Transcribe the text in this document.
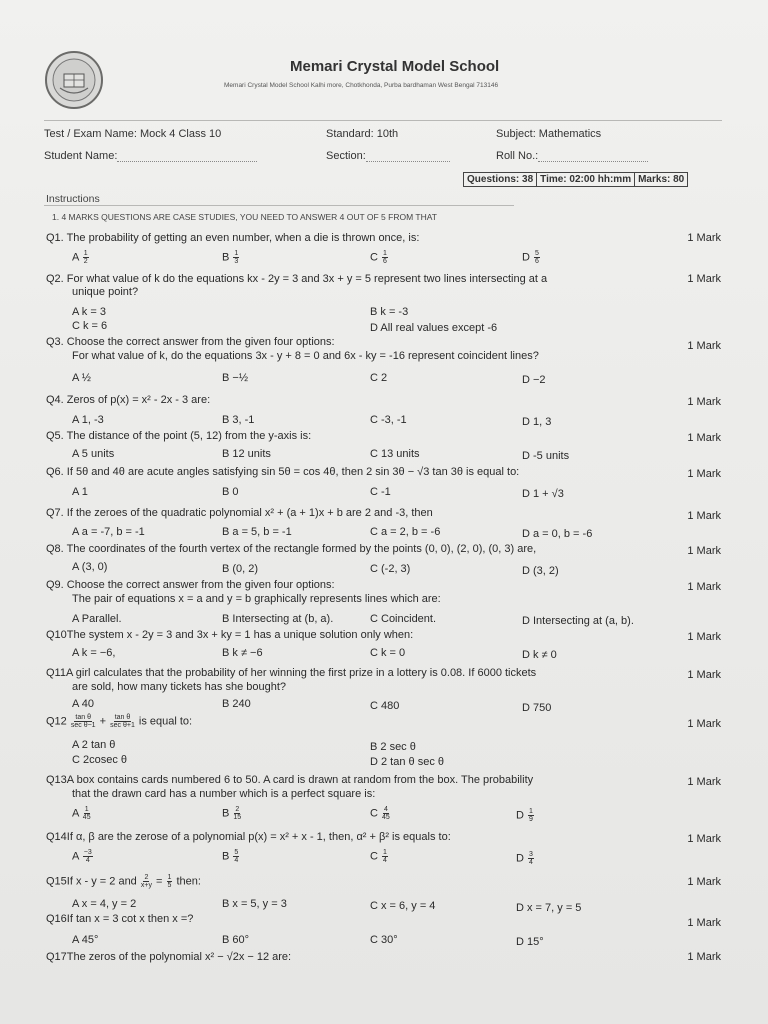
Memari Crystal Model School
Memari Crystal Model School Kalhi more, Chotkhonda, Purba bardhaman West Bengal 713146
Test / Exam Name: Mock 4 Class 10	Standard: 10th	Subject: Mathematics
Student Name:	Section:	Roll No.:
Questions: 38 Time: 02:00 hh:mm Marks: 80
Instructions
1. 4 MARKS QUESTIONS ARE CASE STUDIES, YOU NEED TO ANSWER 4 OUT OF 5 FROM THAT
Q1. The probability of getting an even number, when a die is thrown once, is:	1 Mark
A $\frac{1}{2}$	B $\frac{1}{3}$	C $\frac{1}{6}$	D $\frac{5}{6}$
Q2. For what value of k do the equations kx - 2y = 3 and 3x + y = 5 represent two lines intersecting at a	1 Mark
unique point?
A k = 3	B k = -3
C k = 6	D All real values except -6
Q3. Choose the correct answer from the given four options:	1 Mark
For what value of k, do the equations 3x - y + 8 = 0 and 6x - ky = -16 represent coincident lines?
A ½	B −½	C 2	D −2
Q4. Zeros of p(x) = x² - 2x - 3 are:	1 Mark
A 1, -3	B 3, -1	C -3, -1	D 1, 3
Q5. The distance of the point (5, 12) from the y-axis is:	1 Mark
A 5 units	B 12 units	C 13 units	D -5 units
Q6. If 5θ and 4θ are acute angles satisfying sin 5θ = cos 4θ, then 2 sin 3θ − √3 tan 3θ is equal to:	1 Mark
A 1	B 0	C -1	D 1 + √3
Q7. If the zeroes of the quadratic polynomial x² + (a + 1)x + b are 2 and -3, then	1 Mark
A a = -7, b = -1	B a = 5, b = -1	C a = 2, b = -6	D a = 0, b = -6
Q8. The coordinates of the fourth vertex of the rectangle formed by the points (0, 0), (2, 0), (0, 3) are,	1 Mark
A (3, 0)	B (0, 2)	C (-2, 3)	D (3, 2)
Q9. Choose the correct answer from the given four options:	1 Mark
The pair of equations x = a and y = b graphically represents lines which are:
A Parallel.	B Intersecting at (b, a).	C Coincident.	D Intersecting at (a, b).
Q10The system x - 2y = 3 and 3x + ky = 1 has a unique solution only when:	1 Mark
A k = −6,	B k ≠ −6	C k = 0	D k ≠ 0
Q11A girl calculates that the probability of her winning the first prize in a lottery is 0.08. If 6000 tickets	1 Mark
are sold, how many tickets has she bought?
A 40	B 240	C 480	D 750
$Q12 \frac{\text{tan θ}}{\text{sec θ−1}} + \frac{\text{tan θ}}{\text{sec θ+1}}$ is equal to:	1 Mark
A 2 tan θ	B 2 sec θ
C 2cosec θ	D 2 tan θ sec θ
Q13A box contains cards numbered 6 to 50. A card is drawn at random from the box. The probability	1 Mark
that the drawn card has a number which is a perfect square is:
A $\frac{1}{45}$	B $\frac{2}{15}$	C $\frac{4}{45}$	D $\frac{1}{9}$
Q14If α, β are the zerose of a polynomial p(x) = x² + x - 1, then, α² + β² is equals to:	1 Mark
A $\frac{-3}{4}$	B $\frac{5}{4}$	C $\frac{1}{4}$	D $\frac{3}{4}$
Q15If x - y = 2 and $\frac{2}{x+y} = \frac{1}{5}$ then:	1 Mark
A x = 4, y = 2	B x = 5, y = 3	C x = 6, y = 4	D x = 7, y = 5
Q16If tan x = 3 cot x then x =?	1 Mark
A 45°	B 60°	C 30°	D 15°
Q17The zeros of the polynomial x² − √2x − 12 are:	1 Mark
